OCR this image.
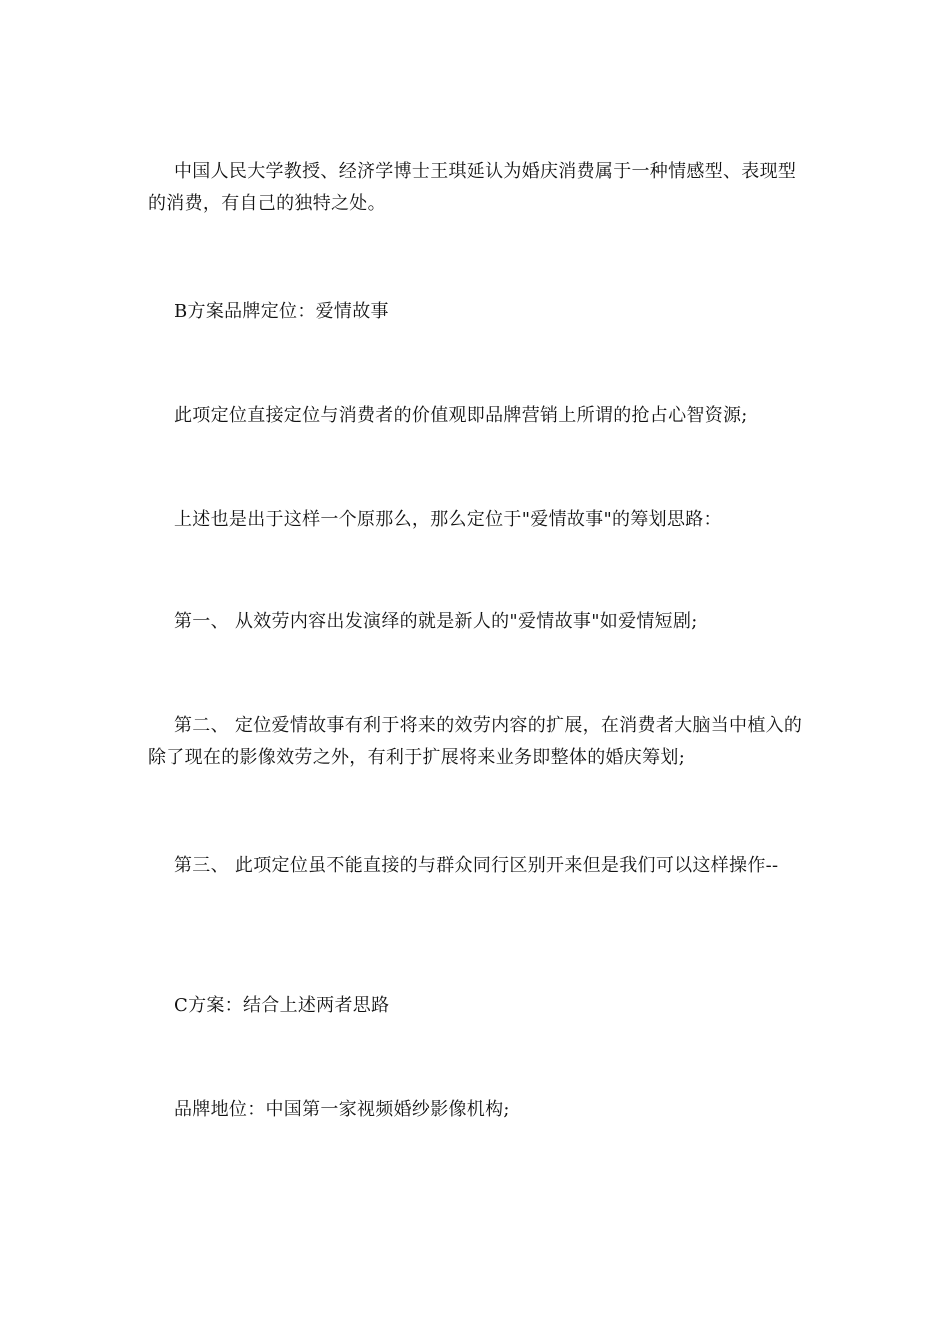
中国人民大学教授、经济学博士王琪延认为婚庆消费属于一种情感型、表现型的消费，有自己的独特之处。

B方案品牌定位：爱情故事

此项定位直接定位与消费者的价值观即品牌营销上所谓的抢占心智资源;

上述也是出于这样一个原那么，那么定位于"爱情故事"的筹划思路：

第一、 从效劳内容出发演绎的就是新人的"爱情故事"如爱情短剧;

第二、 定位爱情故事有利于将来的效劳内容的扩展，在消费者大脑当中植入的除了现在的影像效劳之外，有利于扩展将来业务即整体的婚庆筹划;

第三、 此项定位虽不能直接的与群众同行区别开来但是我们可以这样操作--

C方案：结合上述两者思路

品牌地位：中国第一家视频婚纱影像机构;
